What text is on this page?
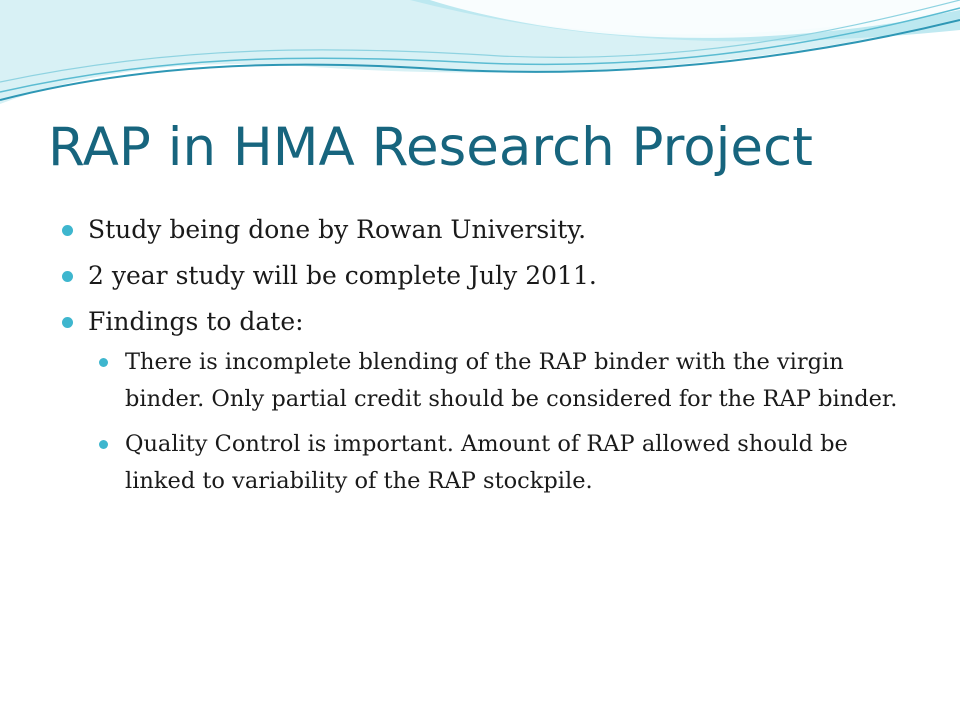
RAP in HMA Research Project
Study being done by Rowan University.
2 year study will be complete July 2011.
Findings to date:
There is incomplete blending of the RAP binder with the virgin binder. Only partial credit should be considered for the RAP binder.
Quality Control is important. Amount of RAP allowed should be linked to variability of the RAP stockpile.
